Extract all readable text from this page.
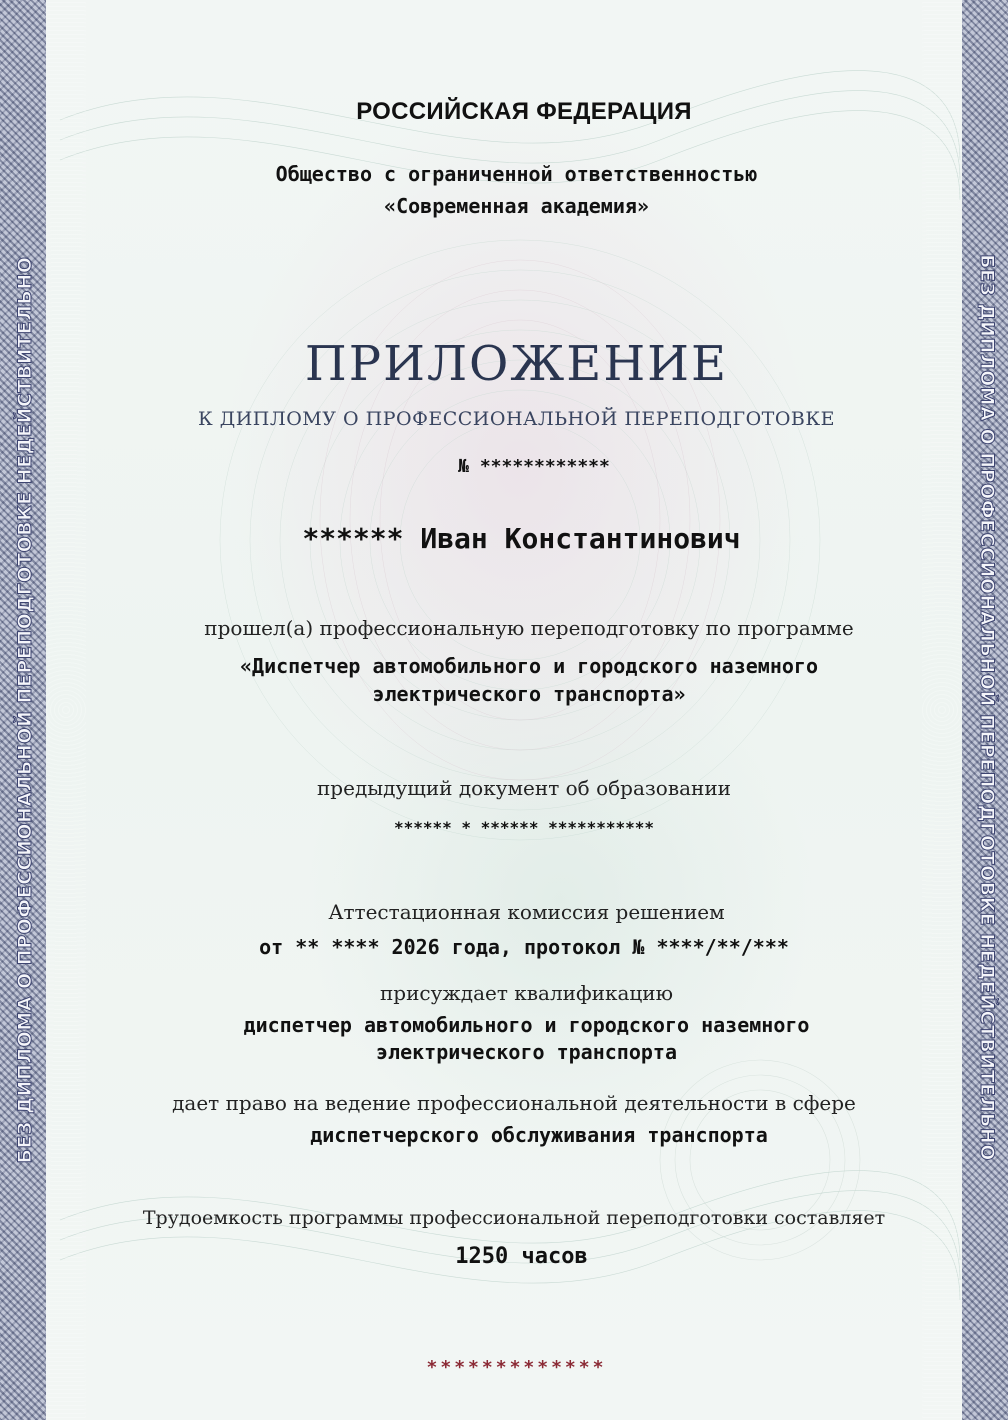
БЕЗ ДИПЛОМА О ПРОФЕССИОНАЛЬНОЙ ПЕРЕПОДГОТОВКЕ НЕДЕЙСТВИТЕЛЬНО	БЕЗ ДИПЛОМА О ПРОФЕССИОНАЛЬНОЙ ПЕРЕПОДГОТОВКЕ НЕДЕЙСТВИТЕЛЬНО
РОССИЙСКАЯ ФЕДЕРАЦИЯ
Общество с ограниченной ответственностью
«Современная академия»
ПРИЛОЖЕНИЕ
К ДИПЛОМУ О ПРОФЕССИОНАЛЬНОЙ ПЕРЕПОДГОТОВКЕ
№ ************
****** Иван Константинович
прошел(а) профессиональную переподготовку по программе
«Диспетчер автомобильного и городского наземного
электрического транспорта»
предыдущий документ об образовании
****** * ****** ***********
Аттестационная комиссия решением
от ** **** 2026 года, протокол № ****/**/***
присуждает квалификацию
диспетчер автомобильного и городского наземного
электрического транспорта
дает право на ведение профессиональной деятельности в сфере
диспетчерского обслуживания транспорта
Трудоемкость программы профессиональной переподготовки составляет
1250 часов
*************
